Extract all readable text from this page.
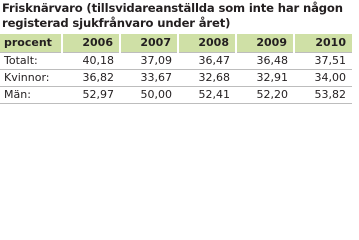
Frisknärvaro (tillsvidareanställda som inte har någon registerad sjukfrånvaro under året)
procent	2006	2007	2008	2009	2010
Totalt:	40,18	37,09	36,47	36,48	37,51
Kvinnor:	36,82	33,67	32,68	32,91	34,00
Män:	52,97	50,00	52,41	52,20	53,82
